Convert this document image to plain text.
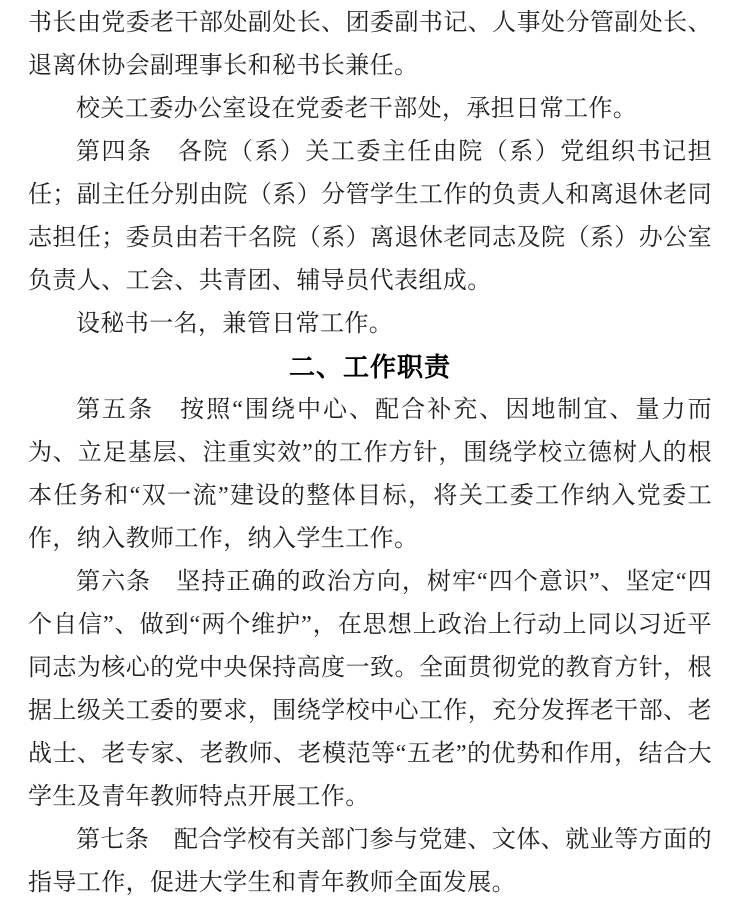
书长由党委老干部处副处长、团委副书记、人事处分管副处长、退离休协会副理事长和秘书长兼任。

校关工委办公室设在党委老干部处，承担日常工作。

第四条　各院（系）关工委主任由院（系）党组织书记担任；副主任分别由院（系）分管学生工作的负责人和离退休老同志担任；委员由若干名院（系）离退休老同志及院（系）办公室负责人、工会、共青团、辅导员代表组成。

设秘书一名，兼管日常工作。

二、工作职责

第五条　按照“围绕中心、配合补充、因地制宜、量力而为、立足基层、注重实效”的工作方针，围绕学校立德树人的根本任务和“双一流”建设的整体目标，将关工委工作纳入党委工作，纳入教师工作，纳入学生工作。

第六条　坚持正确的政治方向，树牢“四个意识”、坚定“四个自信”、做到“两个维护”，在思想上政治上行动上同以习近平同志为核心的党中央保持高度一致。全面贯彻党的教育方针，根据上级关工委的要求，围绕学校中心工作，充分发挥老干部、老战士、老专家、老教师、老模范等“五老”的优势和作用，结合大学生及青年教师特点开展工作。

第七条　配合学校有关部门参与党建、文体、就业等方面的指导工作，促进大学生和青年教师全面发展。
